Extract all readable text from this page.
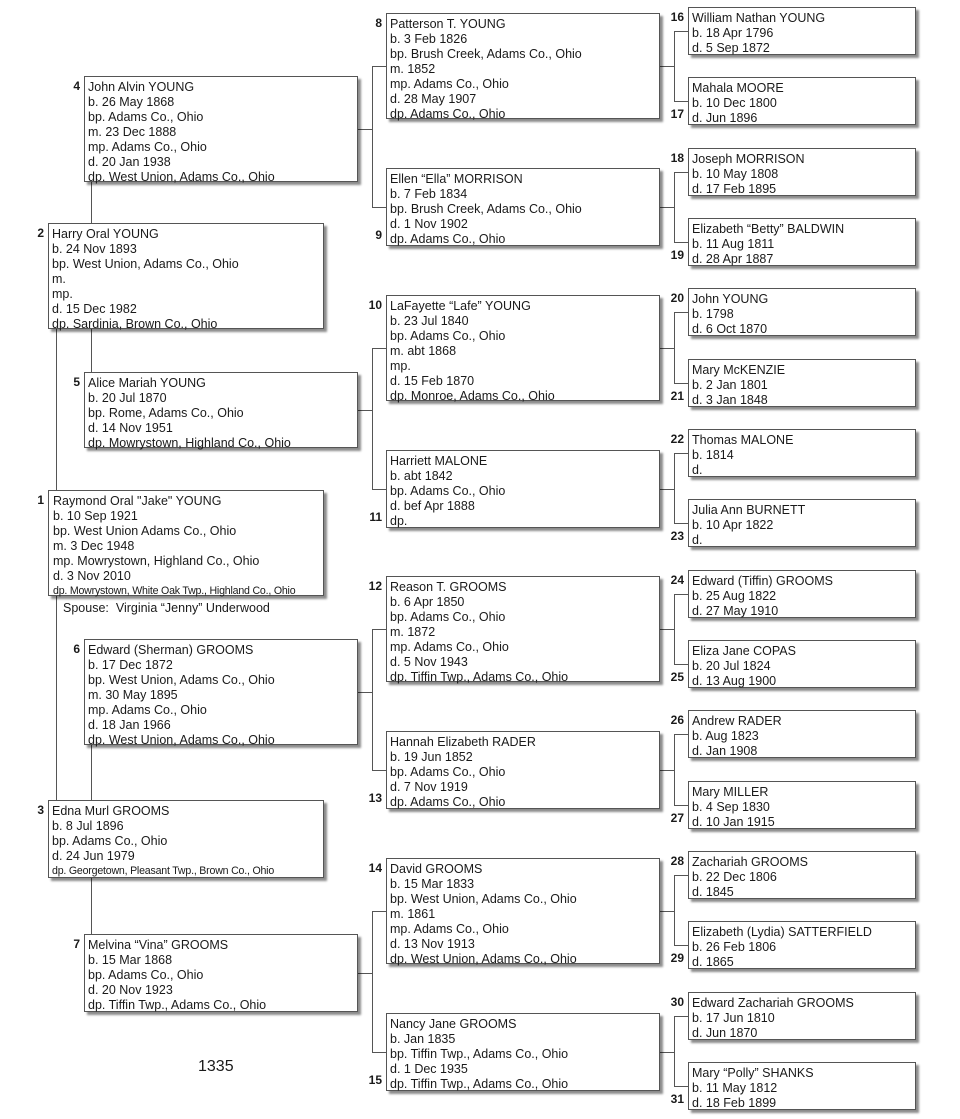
Raymond Oral "Jake" YOUNG
b. 10 Sep 1921
bp. West Union Adams Co., Ohio
m. 3 Dec 1948
mp. Mowrystown, Highland Co., Ohio
d. 3 Nov 2010
dp. Mowrystown, White Oak Twp., Highland Co., Ohio
1
Harry Oral YOUNG
b. 24 Nov 1893
bp. West Union, Adams Co., Ohio
m.
mp.
d. 15 Dec 1982
dp. Sardinia, Brown Co., Ohio
2
Edna Murl GROOMS
b. 8 Jul 1896
bp. Adams Co., Ohio
d. 24 Jun 1979
dp. Georgetown, Pleasant Twp., Brown Co., Ohio
3
John Alvin YOUNG
b. 26 May 1868
bp. Adams Co., Ohio
m. 23 Dec 1888
mp. Adams Co., Ohio
d. 20 Jan 1938
dp. West Union, Adams Co., Ohio
4
Alice Mariah YOUNG
b. 20 Jul 1870
bp. Rome, Adams Co., Ohio
d. 14 Nov 1951
dp. Mowrystown, Highland Co., Ohio
5
Edward (Sherman) GROOMS
b. 17 Dec 1872
bp. West Union, Adams Co., Ohio
m. 30 May 1895
mp. Adams Co., Ohio
d. 18 Jan 1966
dp. West Union, Adams Co., Ohio
6
Melvina “Vina” GROOMS
b. 15 Mar 1868
bp. Adams Co., Ohio
d. 20 Nov 1923
dp. Tiffin Twp., Adams Co., Ohio
7
Patterson T. YOUNG
b. 3 Feb 1826
bp. Brush Creek, Adams Co., Ohio
m. 1852
mp. Adams Co., Ohio
d. 28 May 1907
dp. Adams Co., Ohio
8
Ellen “Ella” MORRISON
b. 7 Feb 1834
bp. Brush Creek, Adams Co., Ohio
d. 1 Nov 1902
dp. Adams Co., Ohio
9
LaFayette “Lafe” YOUNG
b. 23 Jul 1840
bp. Adams Co., Ohio
m. abt 1868
mp.
d. 15 Feb 1870
dp. Monroe, Adams Co., Ohio
10
Harriett MALONE
b. abt 1842
bp. Adams Co., Ohio
d. bef Apr 1888
dp.
11
Reason T. GROOMS
b. 6 Apr 1850
bp. Adams Co., Ohio
m. 1872
mp. Adams Co., Ohio
d. 5 Nov 1943
dp. Tiffin Twp., Adams Co., Ohio
12
Hannah Elizabeth RADER
b. 19 Jun 1852
bp. Adams Co., Ohio
d. 7 Nov 1919
dp. Adams Co., Ohio
13
David GROOMS
b. 15 Mar 1833
bp. West Union, Adams Co., Ohio
m. 1861
mp. Adams Co., Ohio
d. 13 Nov 1913
dp. West Union, Adams Co., Ohio
14
Nancy Jane GROOMS
b. Jan 1835
bp. Tiffin Twp., Adams Co., Ohio
d. 1 Dec 1935
dp. Tiffin Twp., Adams Co., Ohio
15
William Nathan YOUNG
b. 18 Apr 1796
d. 5 Sep 1872
16
Mahala MOORE
b. 10 Dec 1800
d. Jun 1896
17
Joseph MORRISON
b. 10 May 1808
d. 17 Feb 1895
18
Elizabeth “Betty” BALDWIN
b. 11 Aug 1811
d. 28 Apr 1887
19
John YOUNG
b. 1798
d. 6 Oct 1870
20
Mary McKENZIE
b. 2 Jan 1801
d. 3 Jan 1848
21
Thomas MALONE
b. 1814
d.
22
Julia Ann BURNETT
b. 10 Apr 1822
d.
23
Edward (Tiffin) GROOMS
b. 25 Aug 1822
d. 27 May 1910
24
Eliza Jane COPAS
b. 20 Jul 1824
d. 13 Aug 1900
25
Andrew RADER
b. Aug 1823
d. Jan 1908
26
Mary MILLER
b. 4 Sep 1830
d. 10 Jan 1915
27
Zachariah GROOMS
b. 22 Dec 1806
d. 1845
28
Elizabeth (Lydia) SATTERFIELD
b. 26 Feb 1806
d. 1865
29
Edward Zachariah GROOMS
b. 17 Jun 1810
d. Jun 1870
30
Mary “Polly” SHANKS
b. 11 May 1812
d. 18 Feb 1899
31
Spouse: Virginia “Jenny” Underwood
1335
